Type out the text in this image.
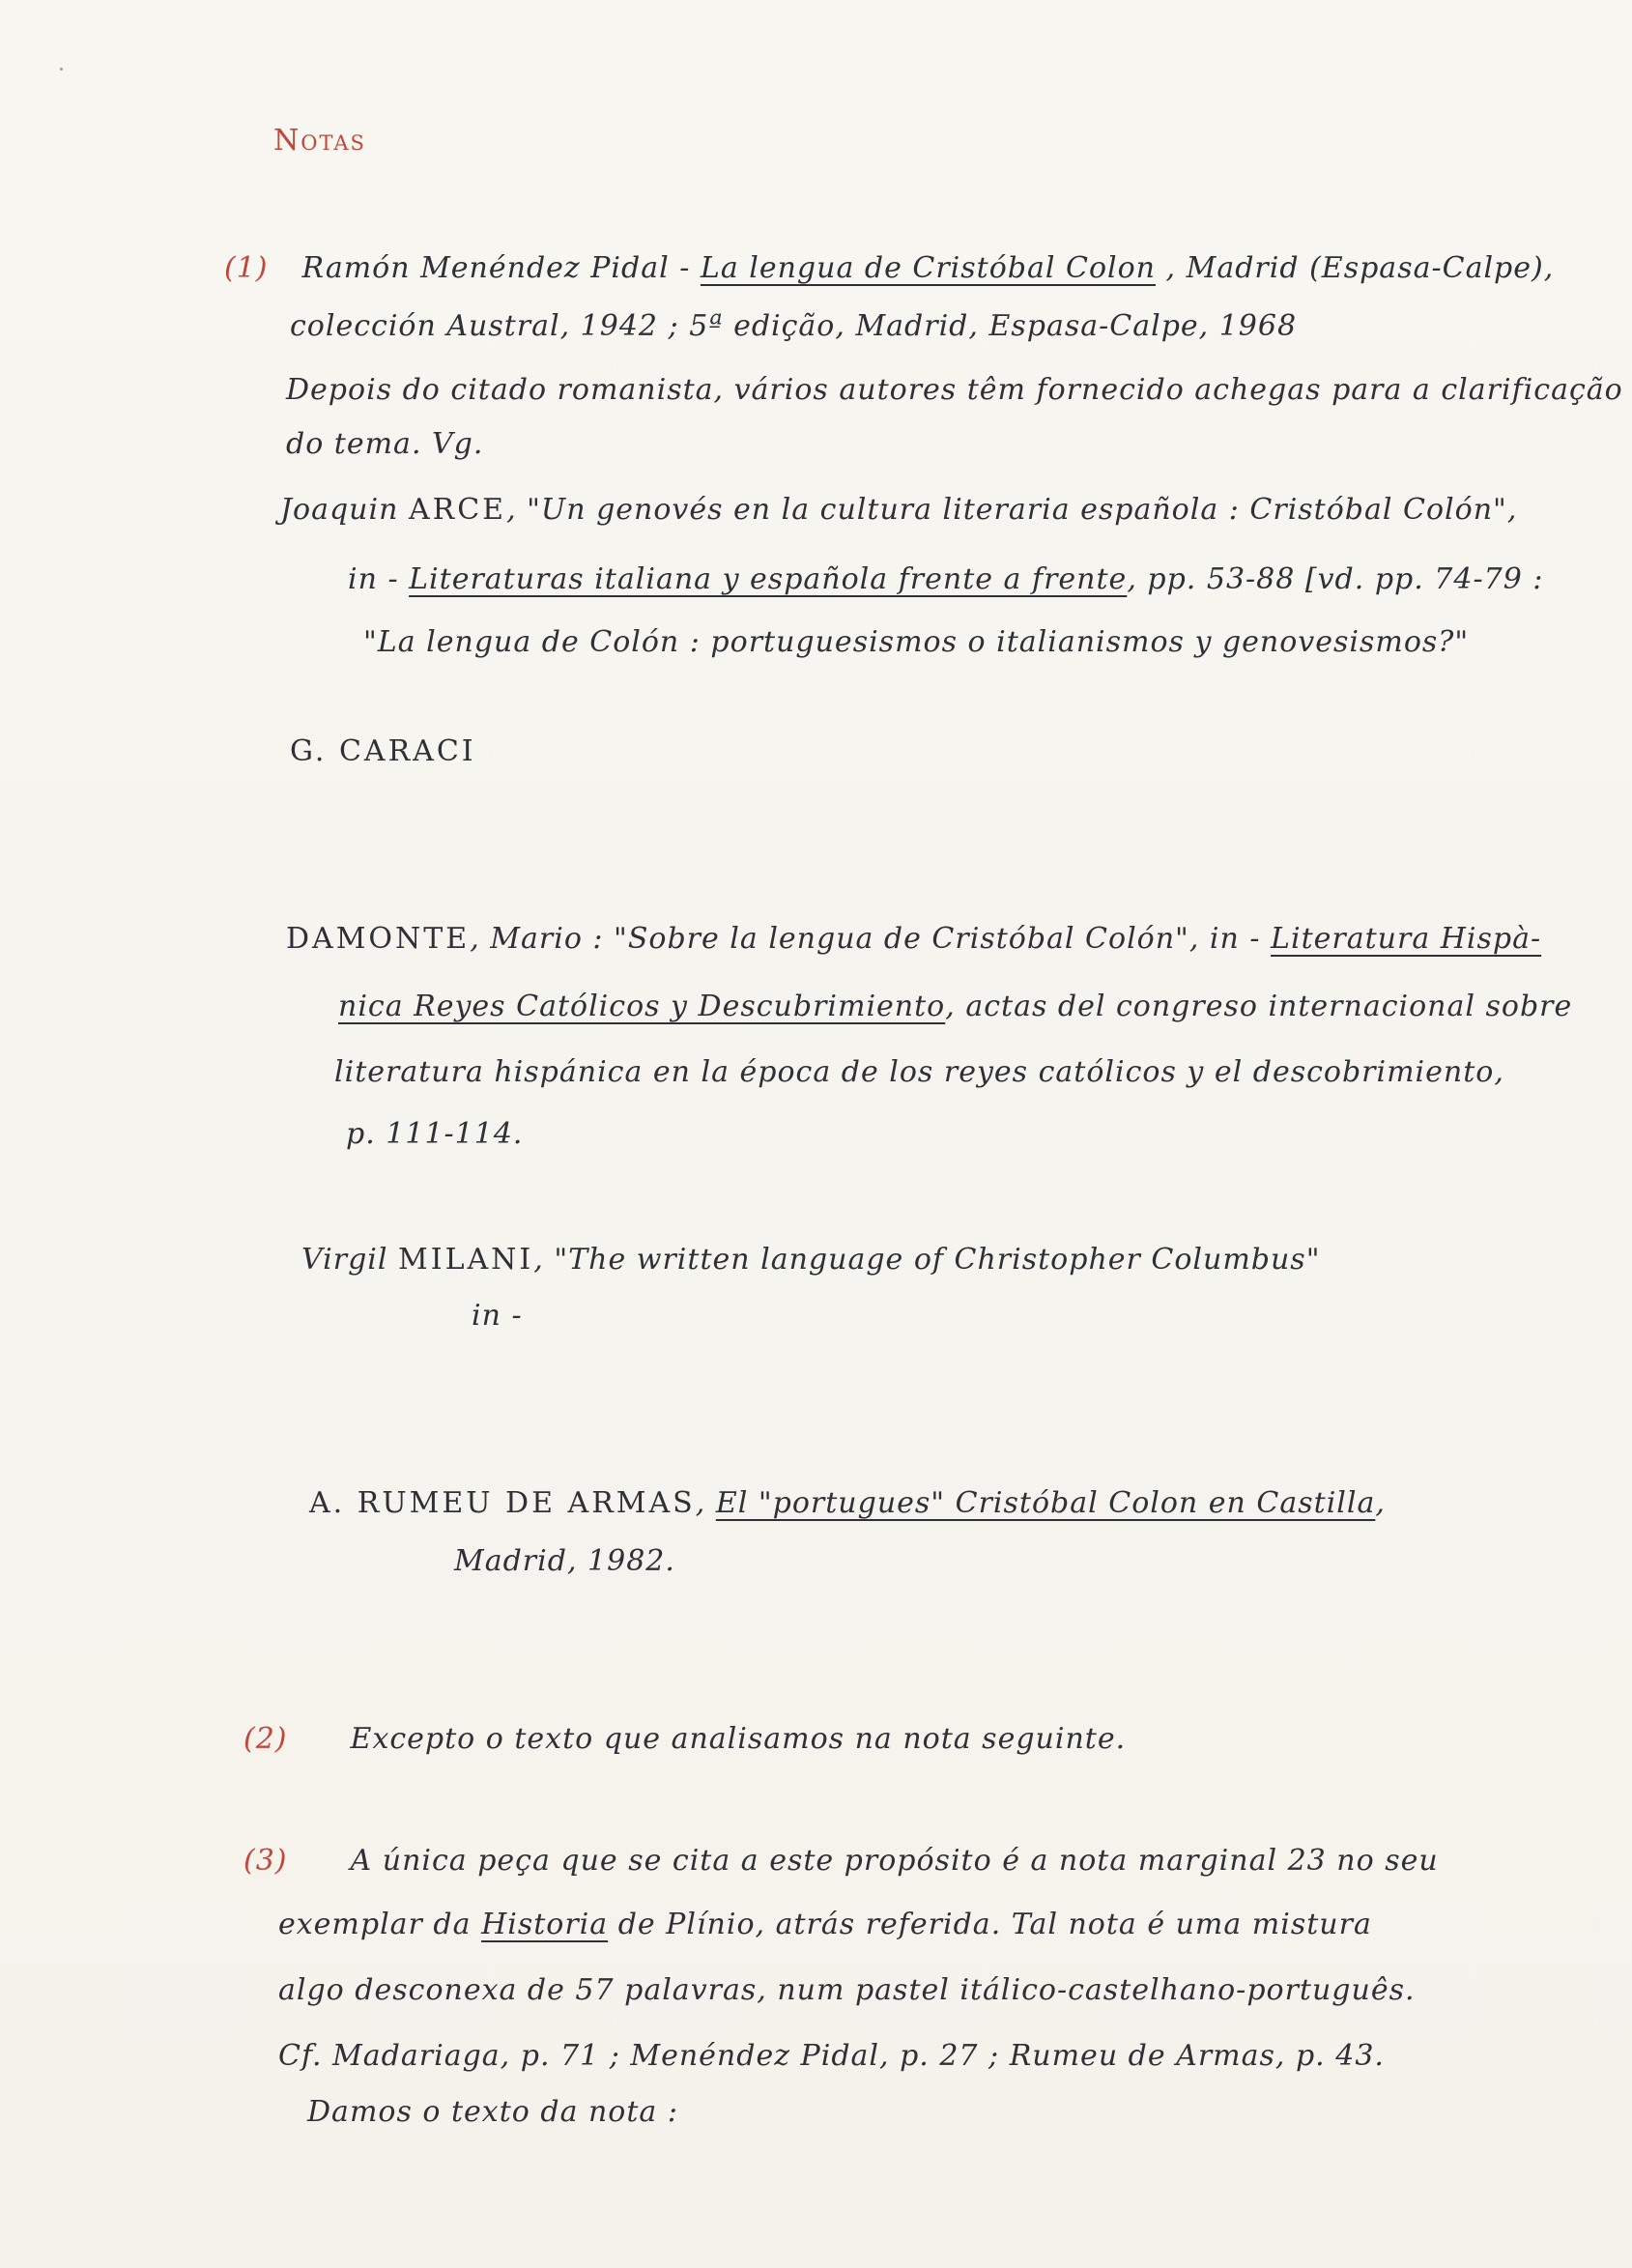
Notas
(1) Ramón Menéndez Pidal - La lengua de Cristóbal Colon , Madrid (Espasa-Calpe),
colección Austral, 1942 ; 5ª edição, Madrid, Espasa-Calpe, 1968
Depois do citado romanista, vários autores têm fornecido achegas para a clarificação
do tema. Vg.
Joaquin ARCE, "Un genovés en la cultura literaria española : Cristóbal Colón",
in - Literaturas italiana y española frente a frente, pp. 53-88 [vd. pp. 74-79 :
"La lengua de Colón : portuguesismos o italianismos y genovesismos?"
G. CARACI
DAMONTE, Mario : "Sobre la lengua de Cristóbal Colón", in - Literatura Hispà-
nica Reyes Católicos y Descubrimiento, actas del congreso internacional sobre
literatura hispánica en la época de los reyes católicos y el descobrimiento,
p. 111-114.
Virgil MILANI, "The written language of Christopher Columbus"
in -
A. RUMEU DE ARMAS, El "portugues" Cristóbal Colon en Castilla,
Madrid, 1982.
(2) Excepto o texto que analisamos na nota seguinte.
(3) A única peça que se cita a este propósito é a nota marginal 23 no seu
exemplar da Historia de Plínio, atrás referida. Tal nota é uma mistura
algo desconexa de 57 palavras, num pastel itálico-castelhano-português.
Cf. Madariaga, p. 71 ; Menéndez Pidal, p. 27 ; Rumeu de Armas, p. 43.
Damos o texto da nota :
